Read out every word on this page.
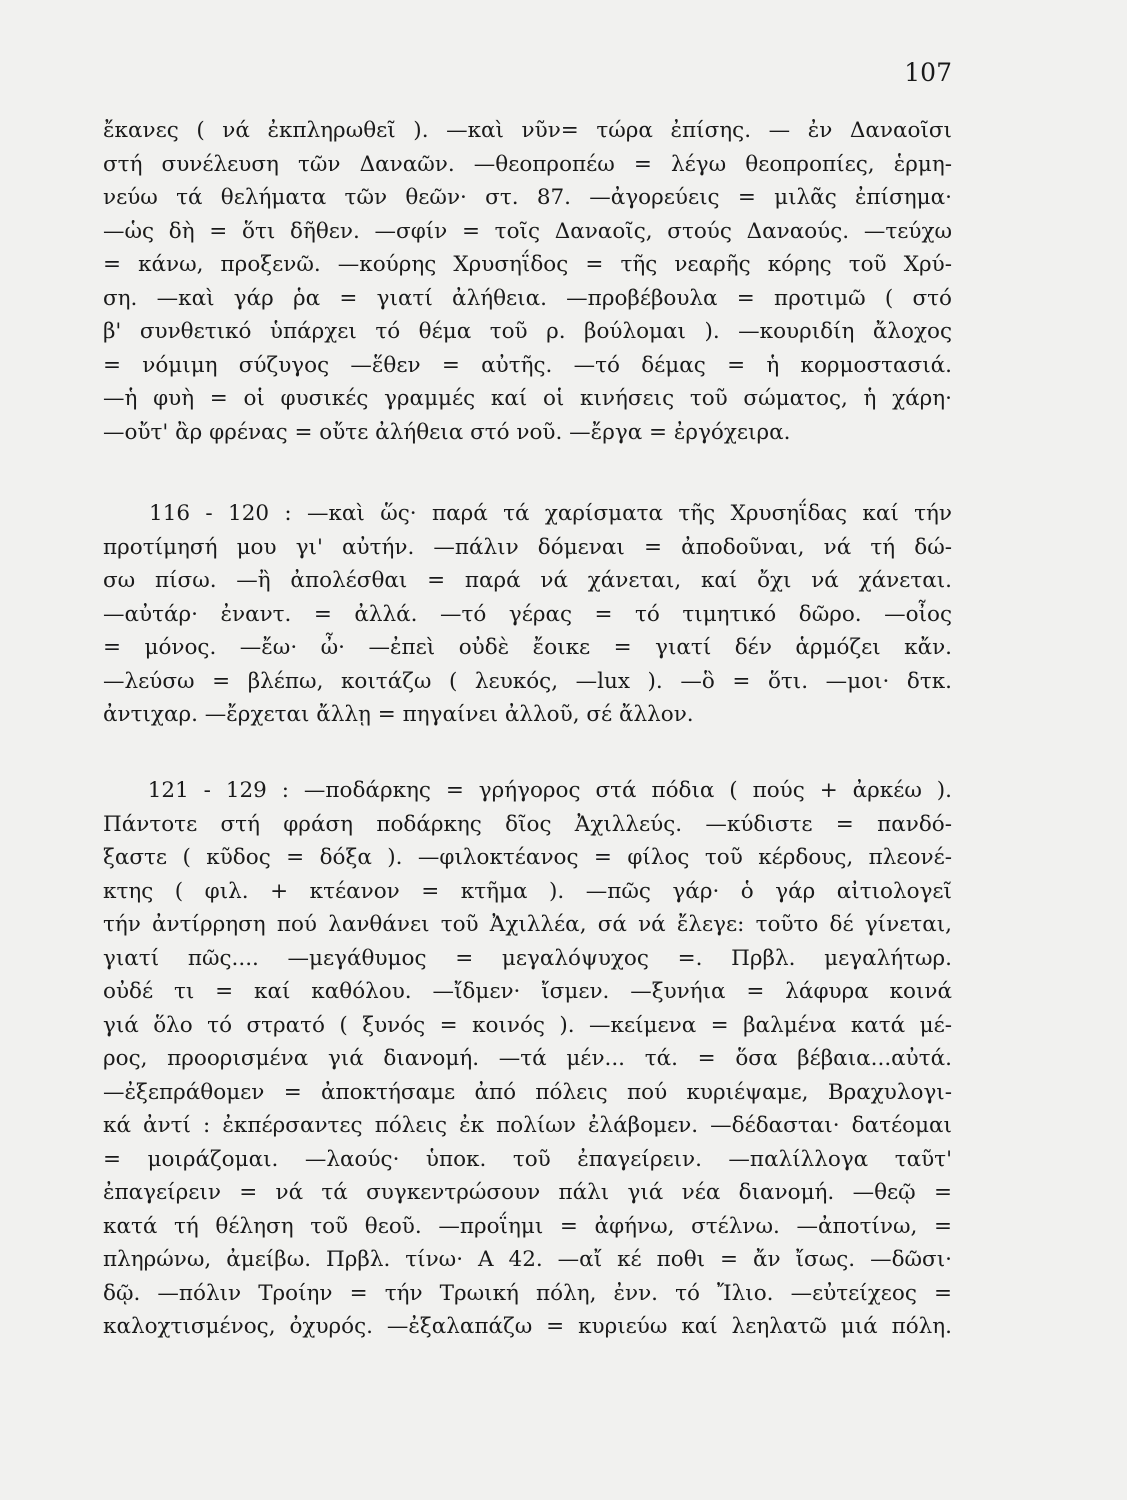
107
ἔκανες ( νά ἐκπληρωθεῖ ). —καὶ νῦν= τώρα ἐπίσης. — ἐν Δαναοῖσι
στή συνέλευση τῶν Δαναῶν. —θεοπροπέω = λέγω θεοπροπίες, ἑρμη-
νεύω τά θελήματα τῶν θεῶν· στ. 87. —ἀγορεύεις = μιλᾶς ἐπίσημα·
—ὡς δὴ = ὅτι δῆθεν. —σφίν = τοῖς Δαναοῖς, στούς Δαναούς. —τεύχω
= κάνω, προξενῶ. —κούρης Χρυσηΐδος = τῆς νεαρῆς κόρης τοῦ Χρύ-
ση. —καὶ γάρ ῥα = γιατί ἀλήθεια. —προβέβουλα = προτιμῶ ( στό
β' συνθετικό ὑπάρχει τό θέμα τοῦ ρ. βούλομαι ). —κουριδίη ἄλοχος
= νόμιμη σύζυγος —ἕθεν = αὐτῆς. —τό δέμας = ἡ κορμοστασιά.
—ἡ φυὴ = οἱ φυσικές γραμμές καί οἱ κινήσεις τοῦ σώματος, ἡ χάρη·
—οὔτ' ἂρ φρένας = οὔτε ἀλήθεια στό νοῦ. —ἔργα = ἐργόχειρα.
116 - 120 : —καὶ ὥς· παρά τά χαρίσματα τῆς Χρυσηΐδας καί τήν
προτίμησή μου γι' αὐτήν. —πάλιν δόμεναι = ἀποδοῦναι, νά τή δώ-
σω πίσω. —ἢ ἀπολέσθαι = παρά νά χάνεται, καί ὄχι νά χάνεται.
—αὐτάρ· ἐναντ. = ἀλλά. —τό γέρας = τό τιμητικό δῶρο. —οἶος
= μόνος. —ἔω· ὦ· —ἐπεὶ οὐδὲ ἔοικε = γιατί δέν ἁρμόζει κἄν.
—λεύσω = βλέπω, κοιτάζω ( λευκός, —lux ). —ὃ = ὅτι. —μοι· δτκ.
ἀντιχαρ. —ἔρχεται ἄλλῃ = πηγαίνει ἀλλοῦ, σέ ἄλλον.
121 - 129 : —ποδάρκης = γρήγορος στά πόδια ( πούς + ἀρκέω ).
Πάντοτε στή φράση ποδάρκης δῖος Ἀχιλλεύς. —κύδιστε = πανδό-
ξαστε ( κῦδος = δόξα ). —φιλοκτέανος = φίλος τοῦ κέρδους, πλεονέ-
κτης ( φιλ. + κτέανον = κτῆμα ). —πῶς γάρ· ὁ γάρ αἰτιολογεῖ
τήν ἀντίρρηση πού λανθάνει τοῦ Ἀχιλλέα, σά νά ἔλεγε: τοῦτο δέ γίνεται,
γιατί πῶς.... —μεγάθυμος = μεγαλόψυχος =. Πρβλ. μεγαλήτωρ.
οὐδέ τι = καί καθόλου. —ἴδμεν· ἴσμεν. —ξυνήια = λάφυρα κοινά
γιά ὅλο τό στρατό ( ξυνός = κοινός ). —κείμενα = βαλμένα κατά μέ-
ρος, προορισμένα γιά διανομή. —τά μέν... τά. = ὅσα βέβαια...αὐτά.
—ἐξεπράθομεν = ἀποκτήσαμε ἀπό πόλεις πού κυριέψαμε, Βραχυλογι-
κά ἀντί : ἐκπέρσαντες πόλεις ἐκ πολίων ἐλάβομεν. —δέδασται· δατέομαι
= μοιράζομαι. —λαούς· ὑποκ. τοῦ ἐπαγείρειν. —παλίλλογα ταῦτ'
ἐπαγείρειν = νά τά συγκεντρώσουν πάλι γιά νέα διανομή. —θεῷ =
κατά τή θέληση τοῦ θεοῦ. —προΐημι = ἀφήνω, στέλνω. —ἀποτίνω, =
πληρώνω, ἀμείβω. Πρβλ. τίνω· Α 42. —αἴ κέ ποθι = ἄν ἴσως. —δῶσι·
δῷ. —πόλιν Τροίην = τήν Τρωική πόλη, ἐνν. τό Ἴλιο. —εὐτείχεος =
καλοχτισμένος, ὀχυρός. —ἐξαλαπάζω = κυριεύω καί λεηλατῶ μιά πόλη.
